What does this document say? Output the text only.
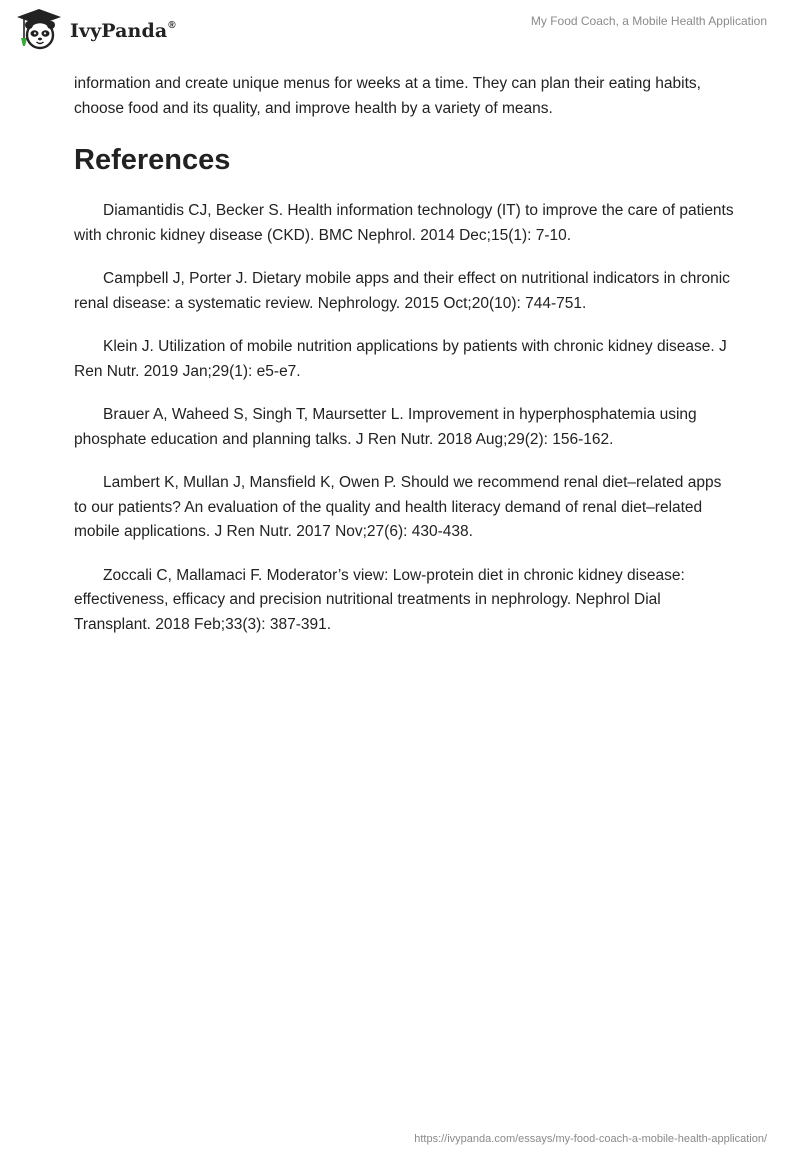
IvyPanda®	My Food Coach, a Mobile Health Application

information and create unique menus for weeks at a time. They can plan their eating habits, choose food and its quality, and improve health by a variety of means.

References

Diamantidis CJ, Becker S. Health information technology (IT) to improve the care of patients with chronic kidney disease (CKD). BMC Nephrol. 2014 Dec;15(1): 7-10.

Campbell J, Porter J. Dietary mobile apps and their effect on nutritional indicators in chronic renal disease: a systematic review. Nephrology. 2015 Oct;20(10): 744-751.

Klein J. Utilization of mobile nutrition applications by patients with chronic kidney disease. J Ren Nutr. 2019 Jan;29(1): e5-e7.

Brauer A, Waheed S, Singh T, Maursetter L. Improvement in hyperphosphatemia using phosphate education and planning talks. J Ren Nutr. 2018 Aug;29(2): 156-162.

Lambert K, Mullan J, Mansfield K, Owen P. Should we recommend renal diet–related apps to our patients? An evaluation of the quality and health literacy demand of renal diet–related mobile applications. J Ren Nutr. 2017 Nov;27(6): 430-438.

Zoccali C, Mallamaci F. Moderator’s view: Low-protein diet in chronic kidney disease: effectiveness, efficacy and precision nutritional treatments in nephrology. Nephrol Dial Transplant. 2018 Feb;33(3): 387-391.

https://ivypanda.com/essays/my-food-coach-a-mobile-health-application/
